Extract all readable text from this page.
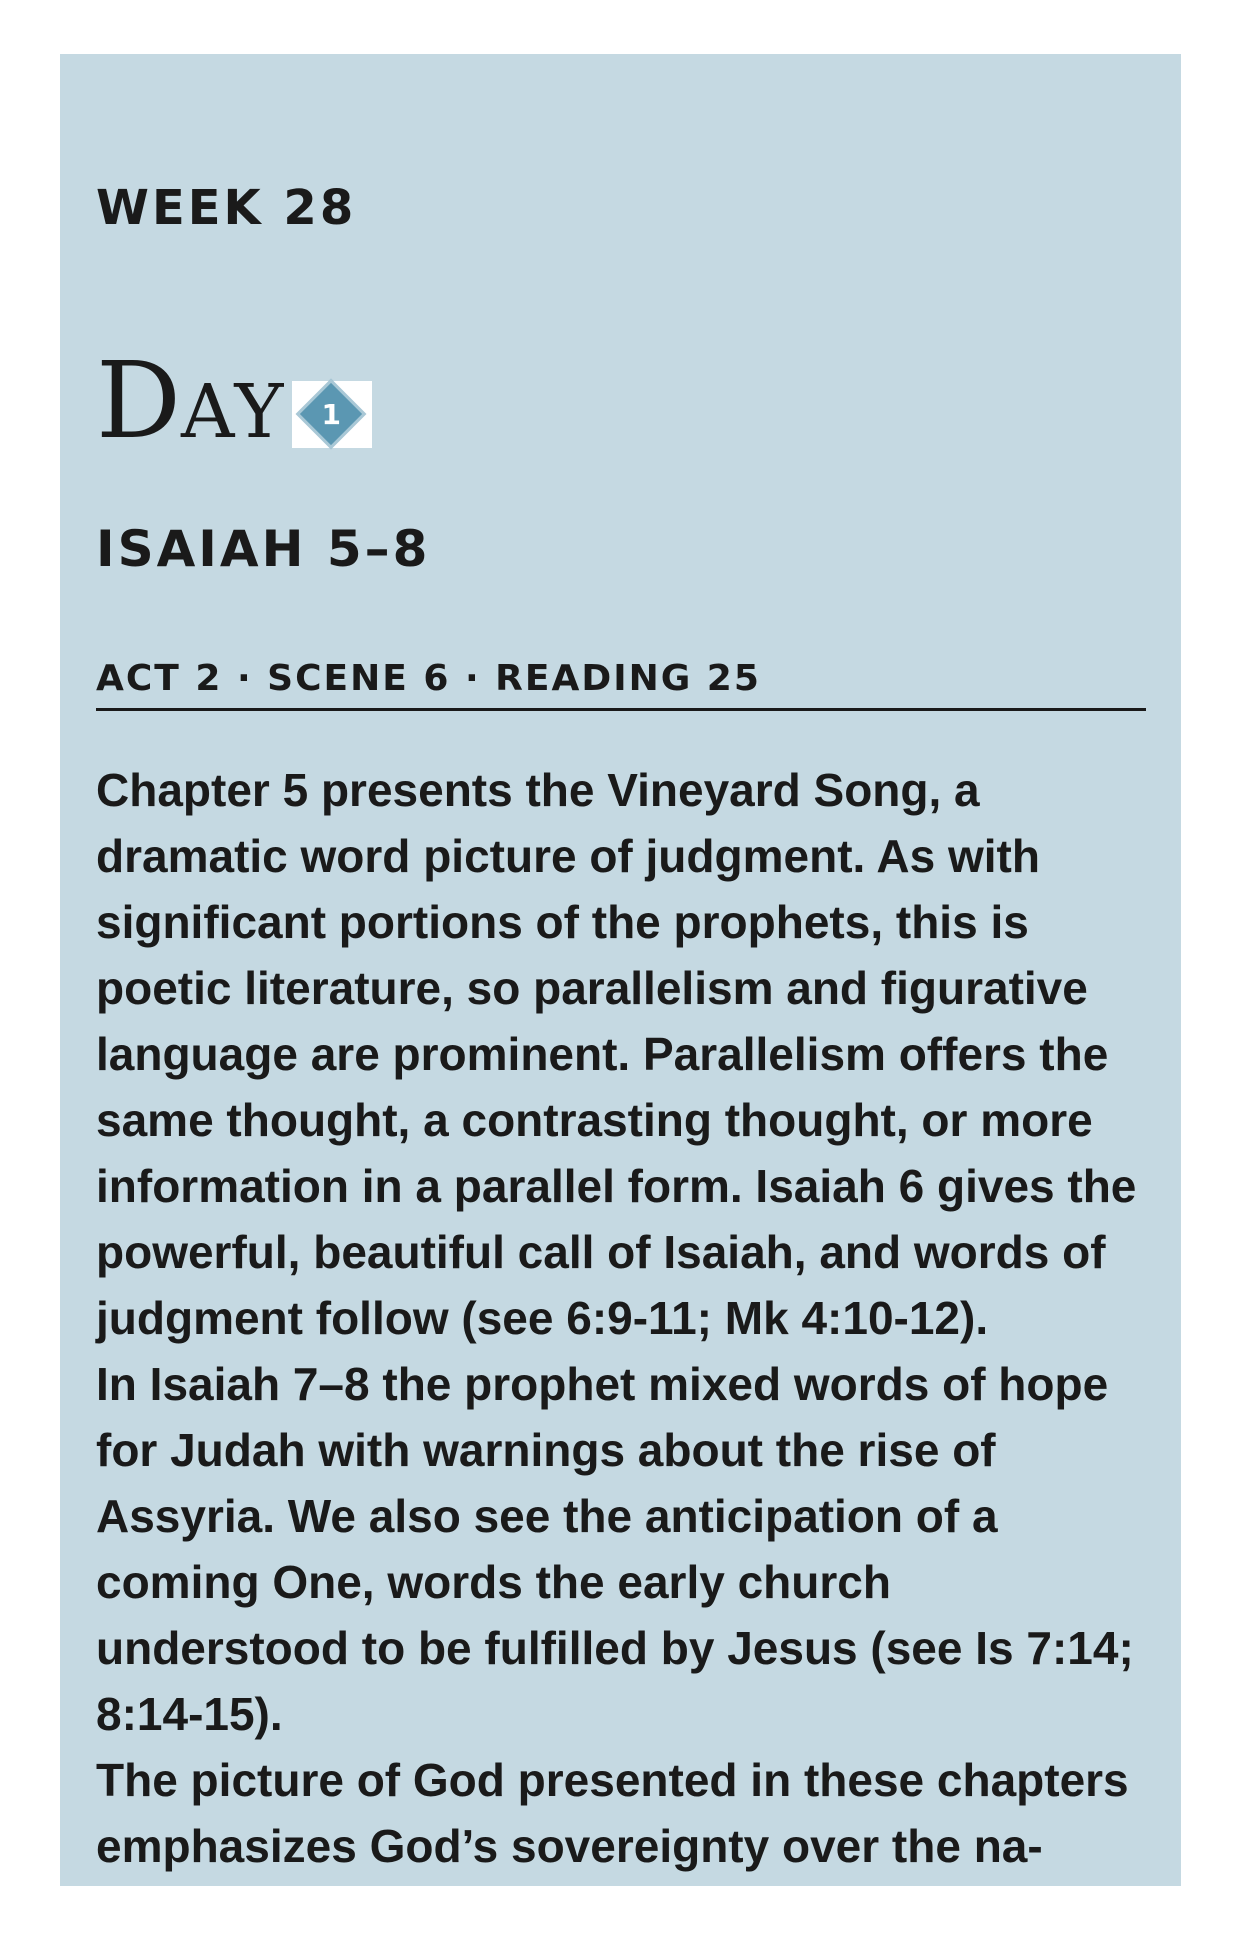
WEEK 28
DAY	1
ISAIAH 5–8
ACT 2 · SCENE 6 · READING 25

Chapter 5 presents the Vineyard Song, a dramatic word picture of judgment. As with significant portions of the prophets, this is poetic literature, so parallelism and figurative language are prominent. Parallelism offers the same thought, a contrasting thought, or more information in a parallel form. Isaiah 6 gives the powerful, beautiful call of Isaiah, and words of judgment follow (see 6:9-11; Mk 4:10-12).

In Isaiah 7–8 the prophet mixed words of hope for Judah with warnings about the rise of Assyria. We also see the anticipation of a coming One, words the early church understood to be fulfilled by Jesus (see Is 7:14; 8:14-15).

The picture of God presented in these chapters emphasizes God’s sovereignty over the na-
